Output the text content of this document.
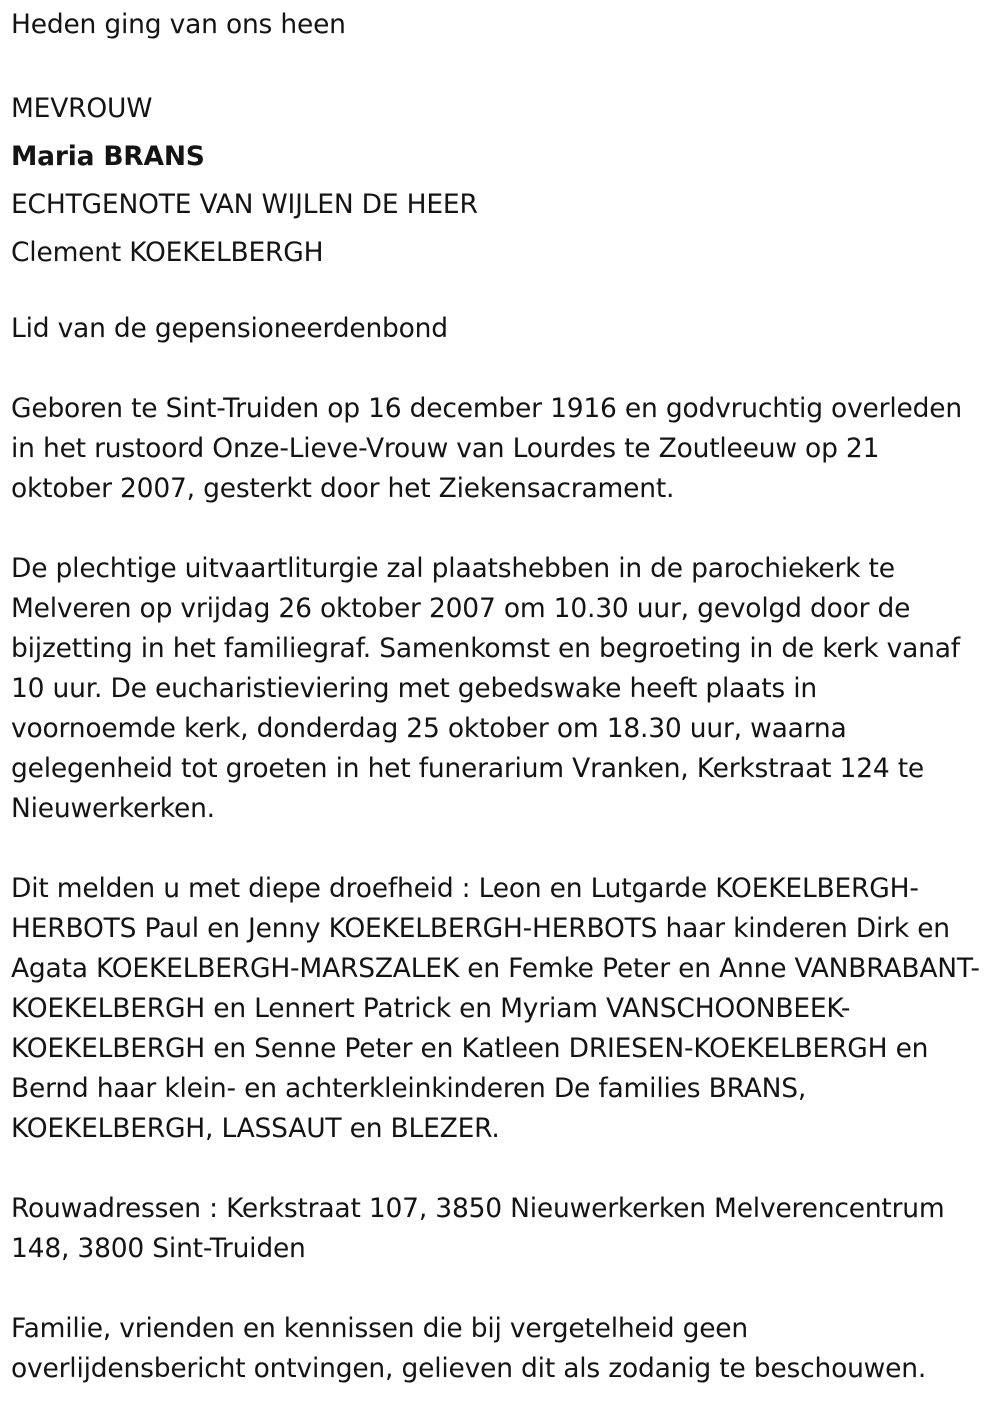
Heden ging van ons heen
MEVROUW
Maria BRANS
ECHTGENOTE VAN WIJLEN DE HEER
Clement KOEKELBERGH
Lid van de gepensioneerdenbond
Geboren te Sint-Truiden op 16 december 1916 en godvruchtig overleden
in het rustoord Onze-Lieve-Vrouw van Lourdes te Zoutleeuw op 21
oktober 2007, gesterkt door het Ziekensacrament.
De plechtige uitvaartliturgie zal plaatshebben in de parochiekerk te
Melveren op vrijdag 26 oktober 2007 om 10.30 uur, gevolgd door de
bijzetting in het familiegraf. Samenkomst en begroeting in de kerk vanaf
10 uur. De eucharistieviering met gebedswake heeft plaats in
voornoemde kerk, donderdag 25 oktober om 18.30 uur, waarna
gelegenheid tot groeten in het funerarium Vranken, Kerkstraat 124 te
Nieuwerkerken.
Dit melden u met diepe droefheid : Leon en Lutgarde KOEKELBERGH-
HERBOTS Paul en Jenny KOEKELBERGH-HERBOTS haar kinderen Dirk en
Agata KOEKELBERGH-MARSZALEK en Femke Peter en Anne VANBRABANT-
KOEKELBERGH en Lennert Patrick en Myriam VANSCHOONBEEK-
KOEKELBERGH en Senne Peter en Katleen DRIESEN-KOEKELBERGH en
Bernd haar klein- en achterkleinkinderen De families BRANS,
KOEKELBERGH, LASSAUT en BLEZER.
Rouwadressen : Kerkstraat 107, 3850 Nieuwerkerken Melverencentrum
148, 3800 Sint-Truiden
Familie, vrienden en kennissen die bij vergetelheid geen
overlijdensbericht ontvingen, gelieven dit als zodanig te beschouwen.
